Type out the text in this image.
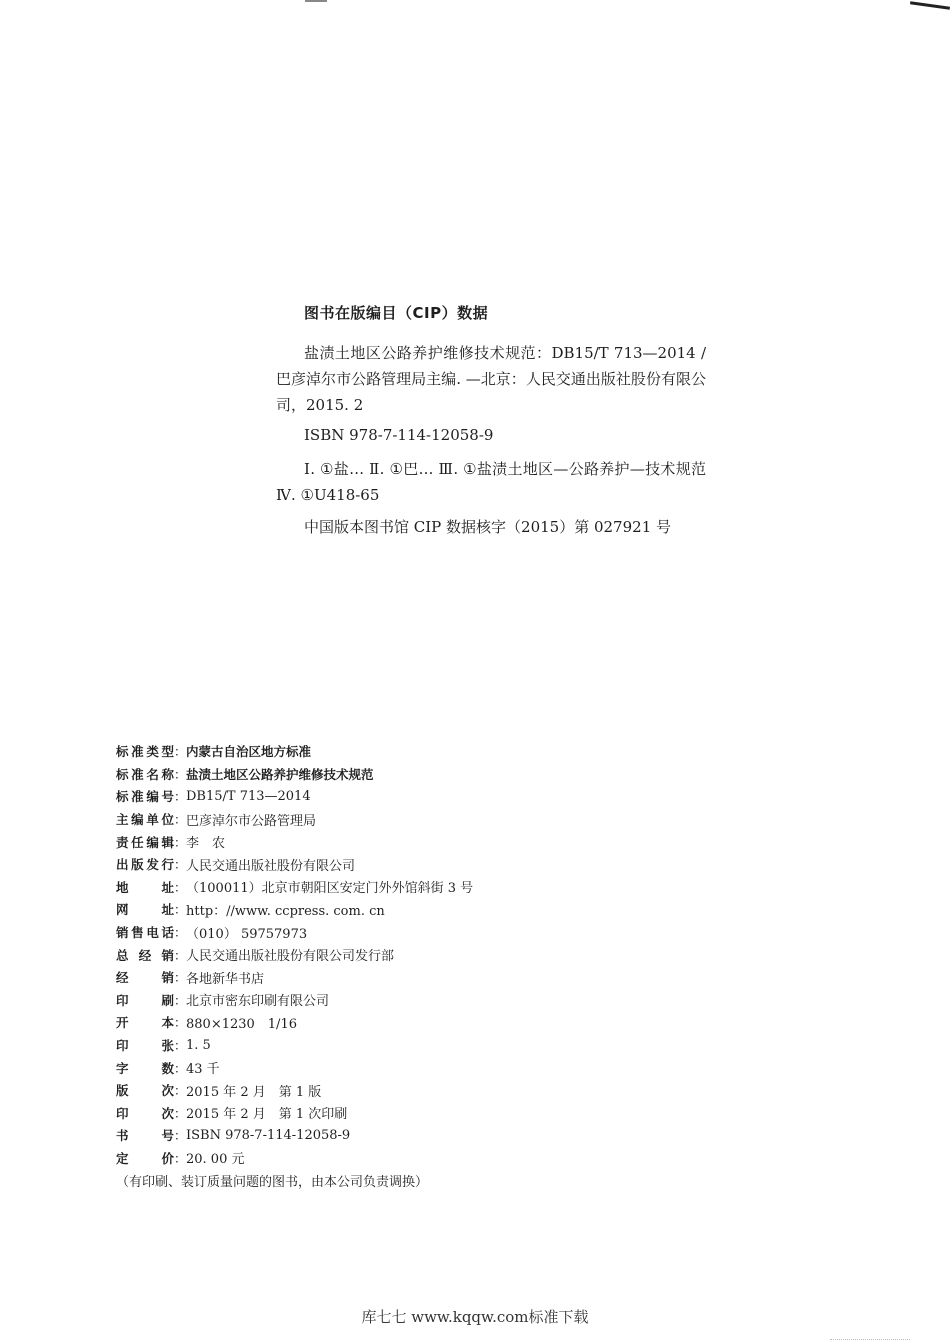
图书在版编目（CIP）数据

盐渍土地区公路养护维修技术规范：DB15/T 713—2014 / 巴彦淖尔市公路管理局主编. —北京：人民交通出版社股份有限公司，2015. 2

ISBN 978-7-114-12058-9

Ⅰ. ①盐… Ⅱ. ①巴… Ⅲ. ①盐渍土地区—公路养护—技术规范 Ⅳ. ①U418-65

中国版本图书馆 CIP 数据核字（2015）第 027921 号
标 准 类 型 ： 内蒙古自治区地方标准
标 准 名 称 ： 盐渍土地区公路养护维修技术规范
标 准 编 号 ： DB15/T 713—2014
主 编 单 位 ： 巴彦淖尔市公路管理局
责 任 编 辑 ： 李　农
出 版 发 行 ： 人民交通出版社股份有限公司
地	址 ： （100011）北京市朝阳区安定门外外馆斜街 3 号
网	址 ： http：//www. ccpress. com. cn
销 售 电 话 ： （010） 59757973
总 经 销 ： 人民交通出版社股份有限公司发行部
经	销 ： 各地新华书店
印	刷 ： 北京市密东印刷有限公司
开	本 ： 880×1230　1/16
印	张 ： 1. 5
字	数 ： 43 千
版	次 ： 2015 年 2 月　第 1 版
印	次 ： 2015 年 2 月　第 1 次印刷
书	号 ： ISBN 978-7-114-12058-9
定	价 ： 20. 00 元
（有印刷、装订质量问题的图书，由本公司负责调换）
库七七 www.kqqw.com标准下载
